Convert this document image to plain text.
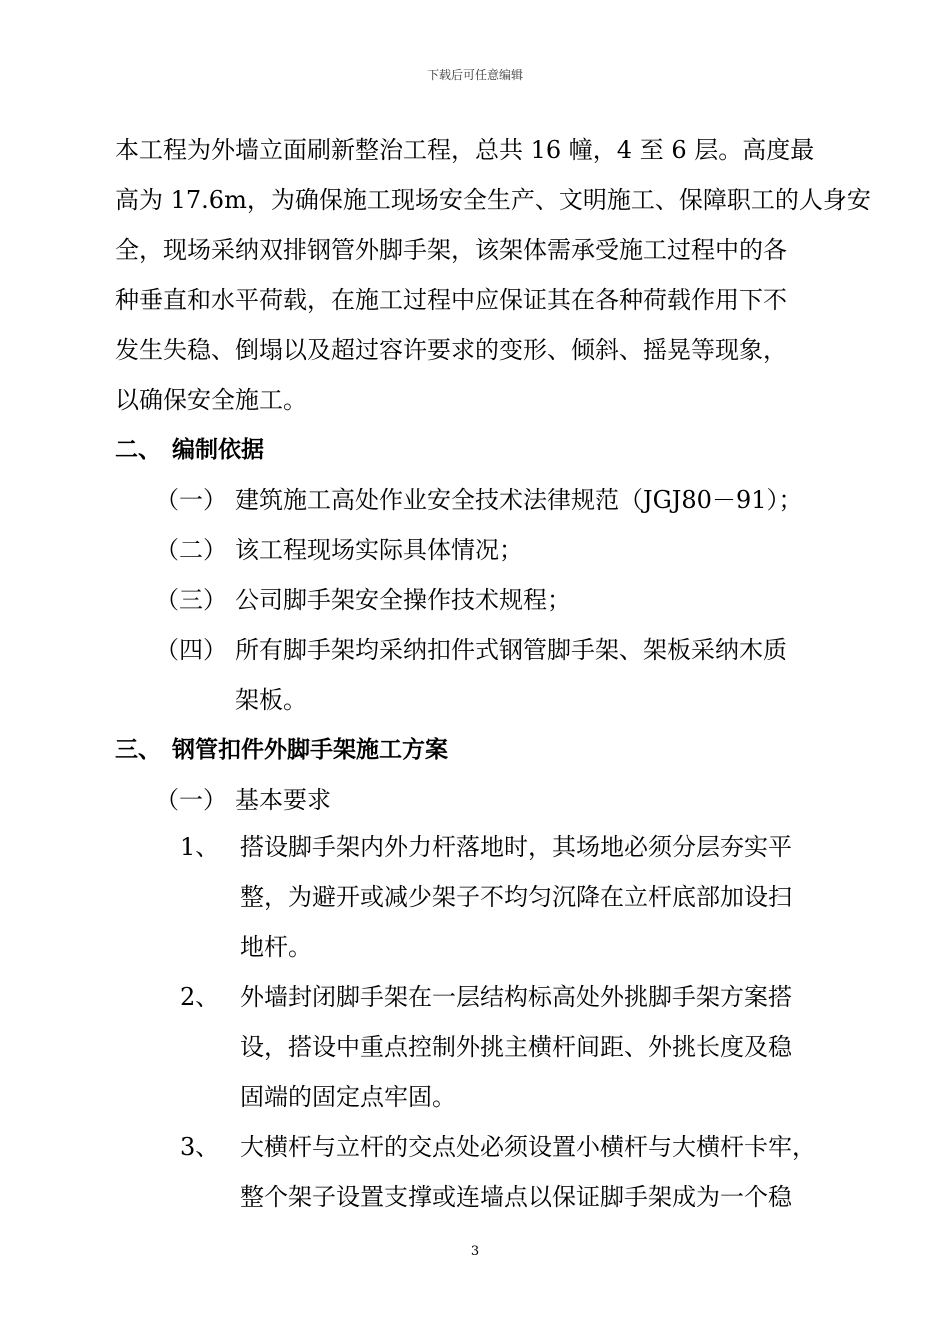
下载后可任意编辑
本工程为外墙立面刷新整治工程，总共 16 幢，4 至 6 层。高度最
高为 17.6m，为确保施工现场安全生产、文明施工、保障职工的人身安
全，现场采纳双排钢管外脚手架，该架体需承受施工过程中的各
种垂直和水平荷载，在施工过程中应保证其在各种荷载作用下不
发生失稳、倒塌以及超过容许要求的变形、倾斜、摇晃等现象，
以确保安全施工。
二、 编制依据
（一） 建筑施工高处作业安全技术法律规范（JGJ80－91）；
（二） 该工程现场实际具体情况；
（三） 公司脚手架安全操作技术规程；
（四） 所有脚手架均采纳扣件式钢管脚手架、架板采纳木质
架板。
三、 钢管扣件外脚手架施工方案
（一） 基本要求
1、 搭设脚手架内外力杆落地时，其场地必须分层夯实平
整，为避开或减少架子不均匀沉降在立杆底部加设扫
地杆。
2、 外墙封闭脚手架在一层结构标高处外挑脚手架方案搭
设，搭设中重点控制外挑主横杆间距、外挑长度及稳
固端的固定点牢固。
3、 大横杆与立杆的交点处必须设置小横杆与大横杆卡牢，
整个架子设置支撑或连墙点以保证脚手架成为一个稳
3
